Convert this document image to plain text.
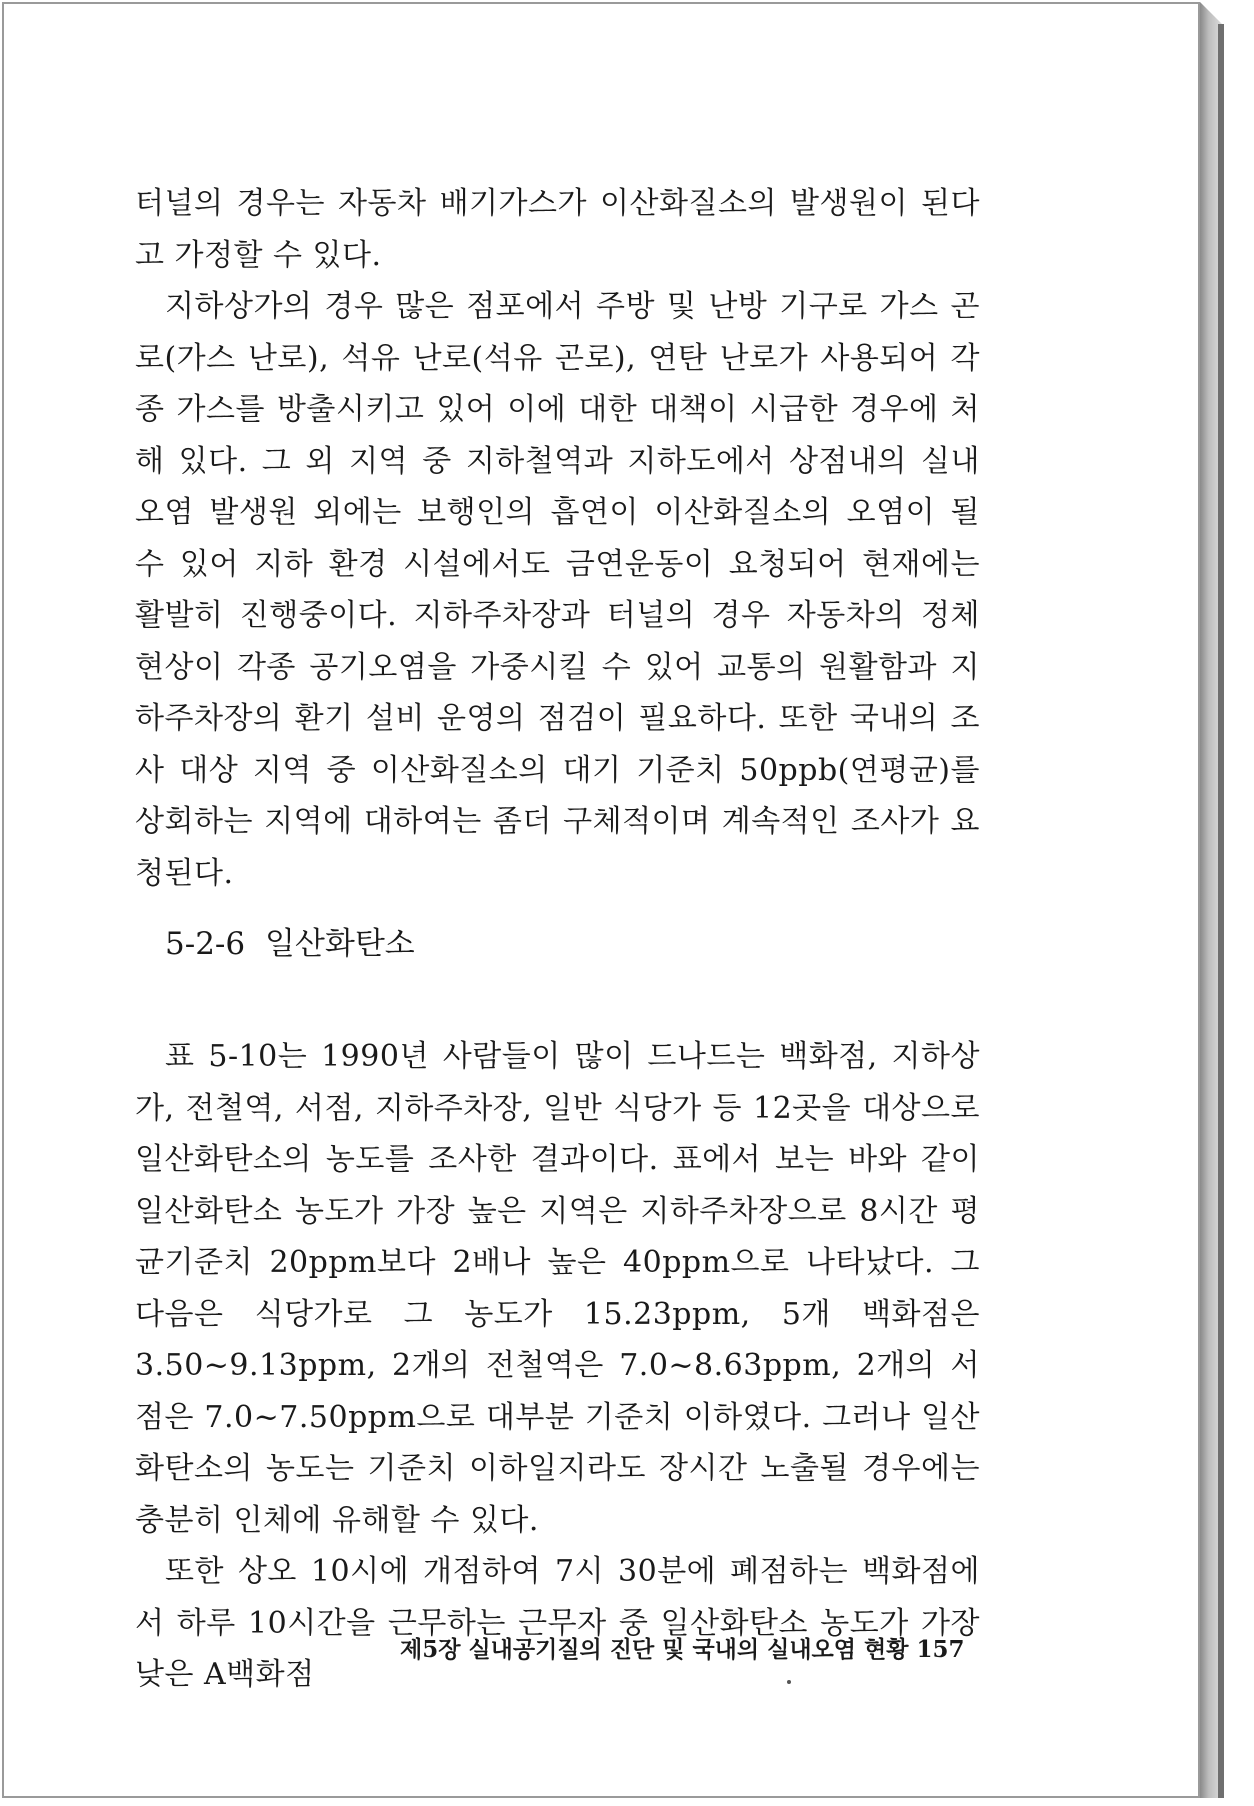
터널의 경우는 자동차 배기가스가 이산화질소의 발생원이 된다고 가정할 수 있다.

지하상가의 경우 많은 점포에서 주방 및 난방 기구로 가스 곤로(가스 난로), 석유 난로(석유 곤로), 연탄 난로가 사용되어 각종 가스를 방출시키고 있어 이에 대한 대책이 시급한 경우에 처해 있다. 그 외 지역 중 지하철역과 지하도에서 상점내의 실내 오염 발생원 외에는 보행인의 흡연이 이산화질소의 오염이 될 수 있어 지하 환경 시설에서도 금연운동이 요청되어 현재에는 활발히 진행중이다. 지하주차장과 터널의 경우 자동차의 정체 현상이 각종 공기오염을 가중시킬 수 있어 교통의 원활함과 지하주차장의 환기 설비 운영의 점검이 필요하다. 또한 국내의 조사 대상 지역 중 이산화질소의 대기 기준치 50ppb(연평균)를 상회하는 지역에 대하여는 좀더 구체적이며 계속적인 조사가 요청된다.

5-2-6 일산화탄소

표 5-10는 1990년 사람들이 많이 드나드는 백화점, 지하상가, 전철역, 서점, 지하주차장, 일반 식당가 등 12곳을 대상으로 일산화탄소의 농도를 조사한 결과이다. 표에서 보는 바와 같이 일산화탄소 농도가 가장 높은 지역은 지하주차장으로 8시간 평균기준치 20ppm보다 2배나 높은 40ppm으로 나타났다. 그 다음은 식당가로 그 농도가 15.23ppm, 5개 백화점은 3.50~9.13ppm, 2개의 전철역은 7.0~8.63ppm, 2개의 서점은 7.0~7.50ppm으로 대부분 기준치 이하였다. 그러나 일산화탄소의 농도는 기준치 이하일지라도 장시간 노출될 경우에는 충분히 인체에 유해할 수 있다.

또한 상오 10시에 개점하여 7시 30분에 폐점하는 백화점에서 하루 10시간을 근무하는 근무자 중 일산화탄소 농도가 가장 낮은 A백화점

제5장 실내공기질의 진단 및 국내의 실내오염 현황 157
